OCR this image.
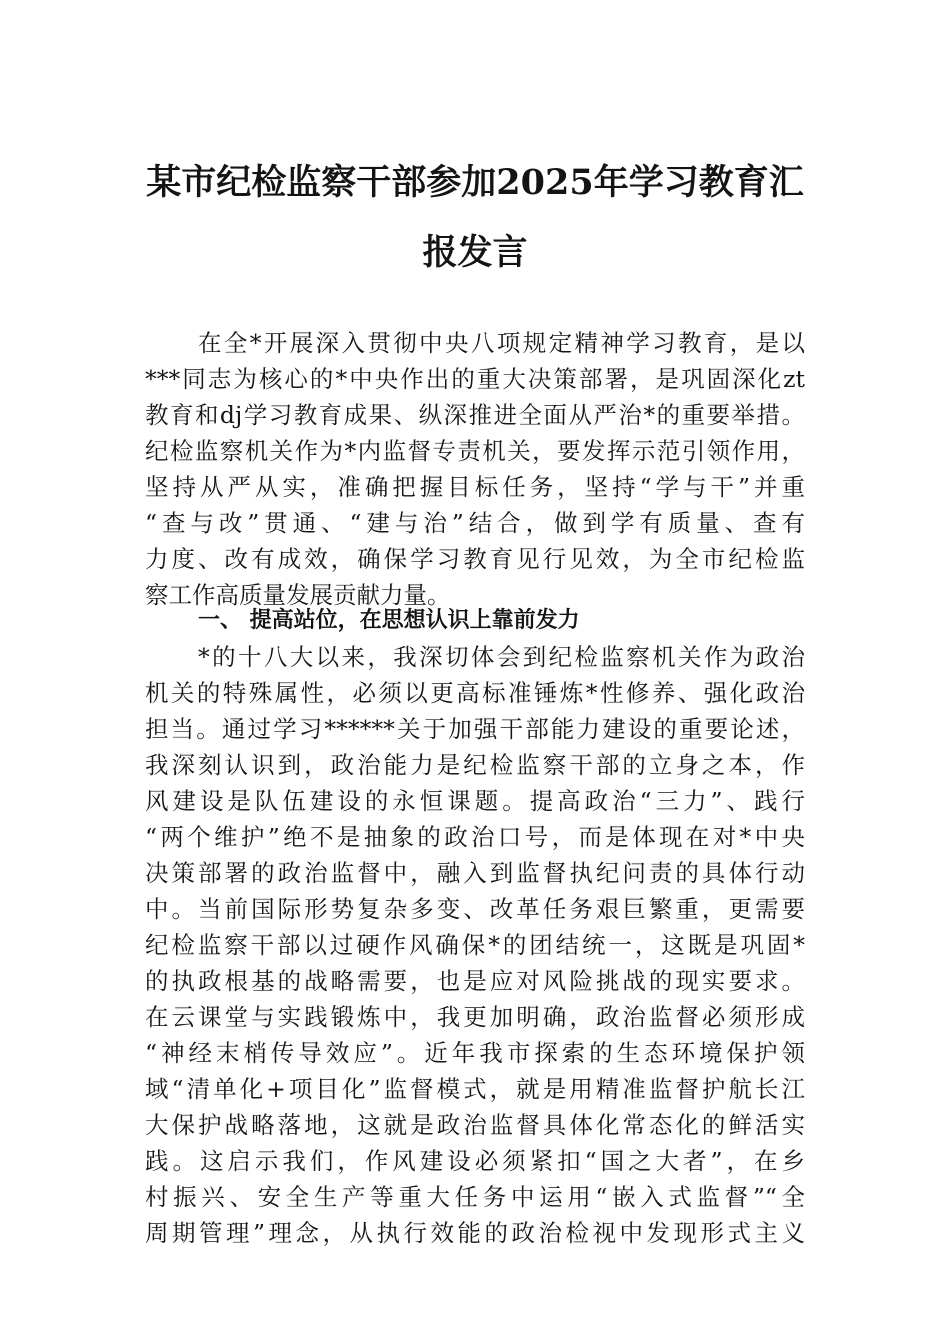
某市纪检监察干部参加2025年学习教育汇
报发言
在全*开展深入贯彻中央八项规定精神学习教育，是以
***同志为核心的*中央作出的重大决策部署，是巩固深化zt
教育和dj学习教育成果、纵深推进全面从严治*的重要举措。
纪检监察机关作为*内监督专责机关，要发挥示范引领作用，
坚持从严从实，准确把握目标任务，坚持“学与干”并重
“查与改”贯通、“建与治”结合，做到学有质量、查有
力度、改有成效，确保学习教育见行见效，为全市纪检监
察工作高质量发展贡献力量。
一、 提高站位，在思想认识上靠前发力
*的十八大以来，我深切体会到纪检监察机关作为政治
机关的特殊属性，必须以更高标准锤炼*性修养、强化政治
担当。通过学习******关于加强干部能力建设的重要论述，
我深刻认识到，政治能力是纪检监察干部的立身之本，作
风建设是队伍建设的永恒课题。提高政治“三力”、践行
“两个维护”绝不是抽象的政治口号，而是体现在对*中央
决策部署的政治监督中，融入到监督执纪问责的具体行动
中。当前国际形势复杂多变、改革任务艰巨繁重，更需要
纪检监察干部以过硬作风确保*的团结统一，这既是巩固*
的执政根基的战略需要，也是应对风险挑战的现实要求。
在云课堂与实践锻炼中，我更加明确，政治监督必须形成
“神经末梢传导效应”。近年我市探索的生态环境保护领
域“清单化+项目化”监督模式，就是用精准监督护航长江
大保护战略落地，这就是政治监督具体化常态化的鲜活实
践。这启示我们，作风建设必须紧扣“国之大者”，在乡
村振兴、安全生产等重大任务中运用“嵌入式监督”“全
周期管理”理念，从执行效能的政治检视中发现形式主义
